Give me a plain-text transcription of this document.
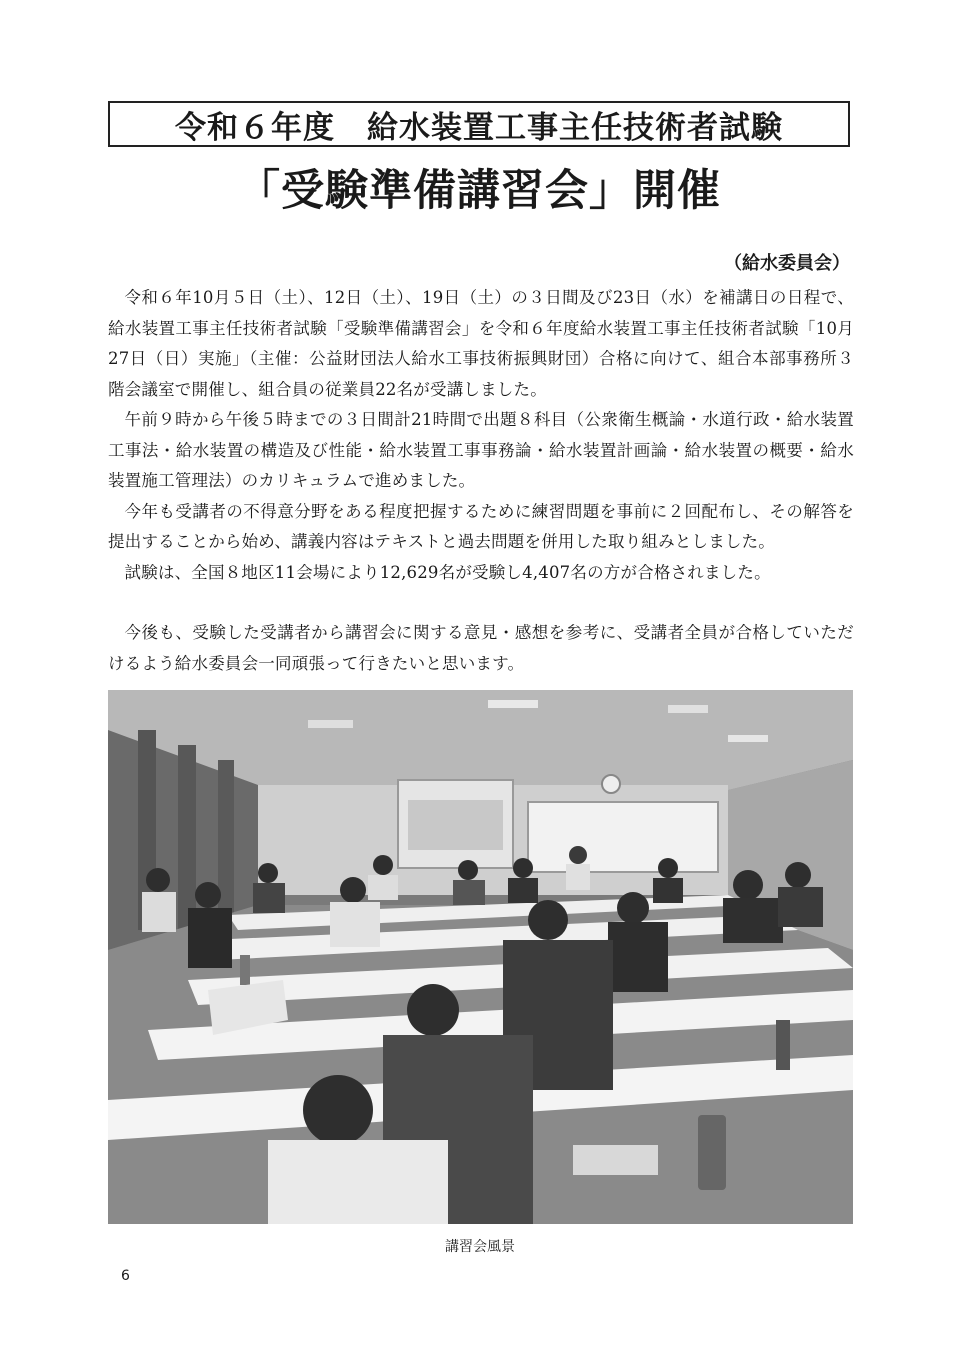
令和６年度　給水装置工事主任技術者試験
「受験準備講習会」開催
（給水委員会）

令和６年10月５日（土）、12日（土）、19日（土）の３日間及び23日（水）を補講日の日程で、給水装置工事主任技術者試験「受験準備講習会」を令和６年度給水装置工事主任技術者試験「10月27日（日）実施」（主催：公益財団法人給水工事技術振興財団）合格に向けて、組合本部事務所３階会議室で開催し、組合員の従業員22名が受講しました。

午前９時から午後５時までの３日間計21時間で出題８科目（公衆衛生概論・水道行政・給水装置工事法・給水装置の構造及び性能・給水装置工事事務論・給水装置計画論・給水装置の概要・給水装置施工管理法）のカリキュラムで進めました。

今年も受講者の不得意分野をある程度把握するために練習問題を事前に２回配布し、その解答を提出することから始め、講義内容はテキストと過去問題を併用した取り組みとしました。

試験は、全国８地区11会場により12,629名が受験し4,407名の方が合格されました。

今後も、受験した受講者から講習会に関する意見・感想を参考に、受講者全員が合格していただけるよう給水委員会一同頑張って行きたいと思います。

講習会風景
6
